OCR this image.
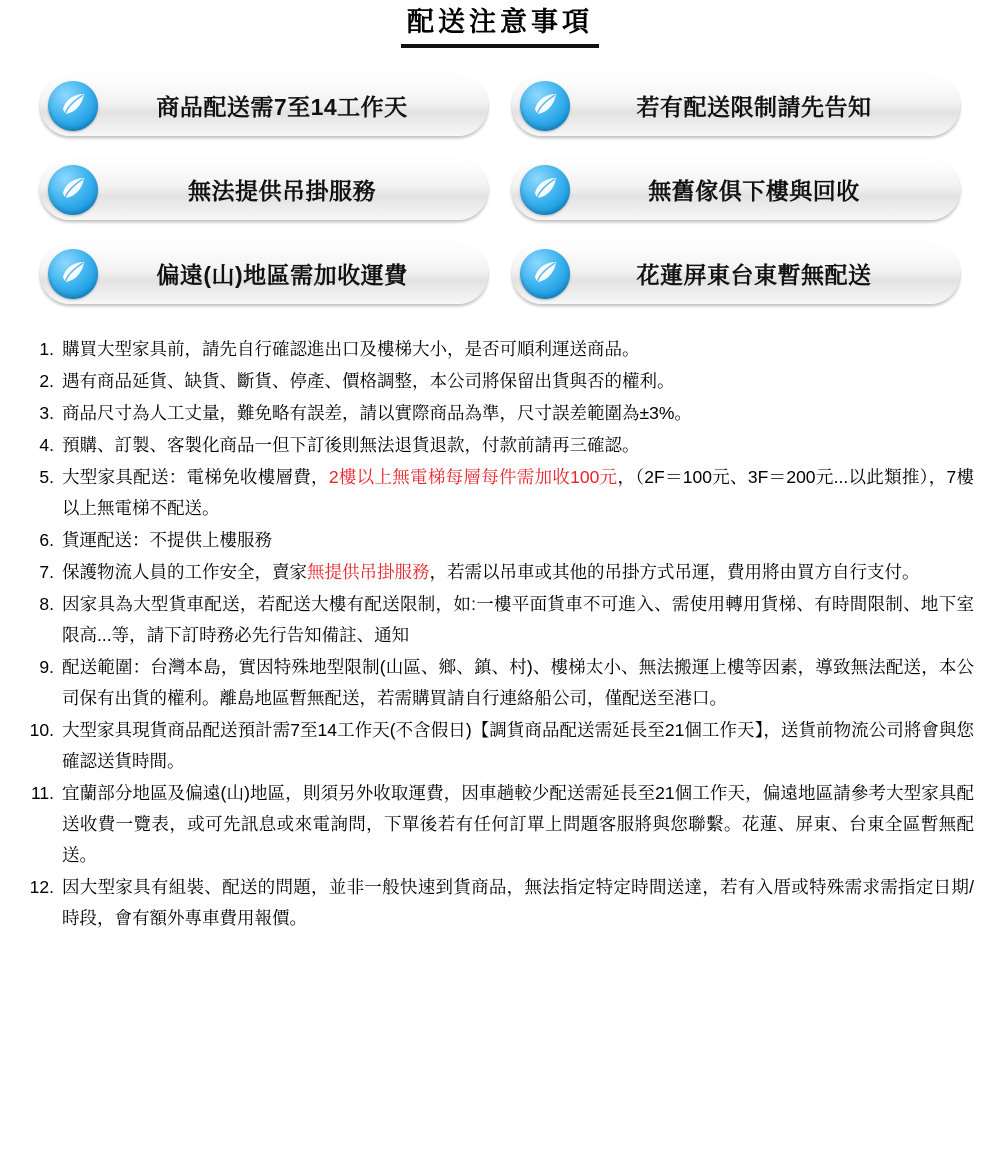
配送注意事項
商品配送需7至14工作天	若有配送限制請先告知
無法提供吊掛服務	無舊傢俱下樓與回收
偏遠(山)地區需加收運費	花蓮屏東台東暫無配送
購買大型家具前，請先自行確認進出口及樓梯大小，是否可順利運送商品。
遇有商品延貨、缺貨、斷貨、停產、價格調整，本公司將保留出貨與否的權利。
商品尺寸為人工丈量，難免略有誤差，請以實際商品為準，尺寸誤差範圍為±3%。
預購、訂製、客製化商品一但下訂後則無法退貨退款，付款前請再三確認。
大型家具配送：電梯免收樓層費，2樓以上無電梯每層每件需加收100元，（2F＝100元、3F＝200元...以此類推），7樓以上無電梯不配送。
貨運配送：不提供上樓服務
保護物流人員的工作安全，賣家無提供吊掛服務，若需以吊車或其他的吊掛方式吊運，費用將由買方自行支付。
因家具為大型貨車配送，若配送大樓有配送限制，如:一樓平面貨車不可進入、需使用轉用貨梯、有時間限制、地下室限高...等，請下訂時務必先行告知備註、通知
配送範圍：台灣本島，實因特殊地型限制(山區、鄉、鎮、村)、樓梯太小、無法搬運上樓等因素，導致無法配送，本公司保有出貨的權利。離島地區暫無配送，若需購買請自行連絡船公司，僅配送至港口。
大型家具現貨商品配送預計需7至14工作天(不含假日)【調貨商品配送需延長至21個工作天】，送貨前物流公司將會與您確認送貨時間。
宜蘭部分地區及偏遠(山)地區，則須另外收取運費，因車趟較少配送需延長至21個工作天，偏遠地區請參考大型家具配送收費一覽表，或可先訊息或來電詢問，下單後若有任何訂單上問題客服將與您聯繫。花蓮、屏東、台東全區暫無配送。
因大型家具有組裝、配送的問題，並非一般快速到貨商品，無法指定特定時間送達，若有入厝或特殊需求需指定日期/時段，會有額外專車費用報價。
